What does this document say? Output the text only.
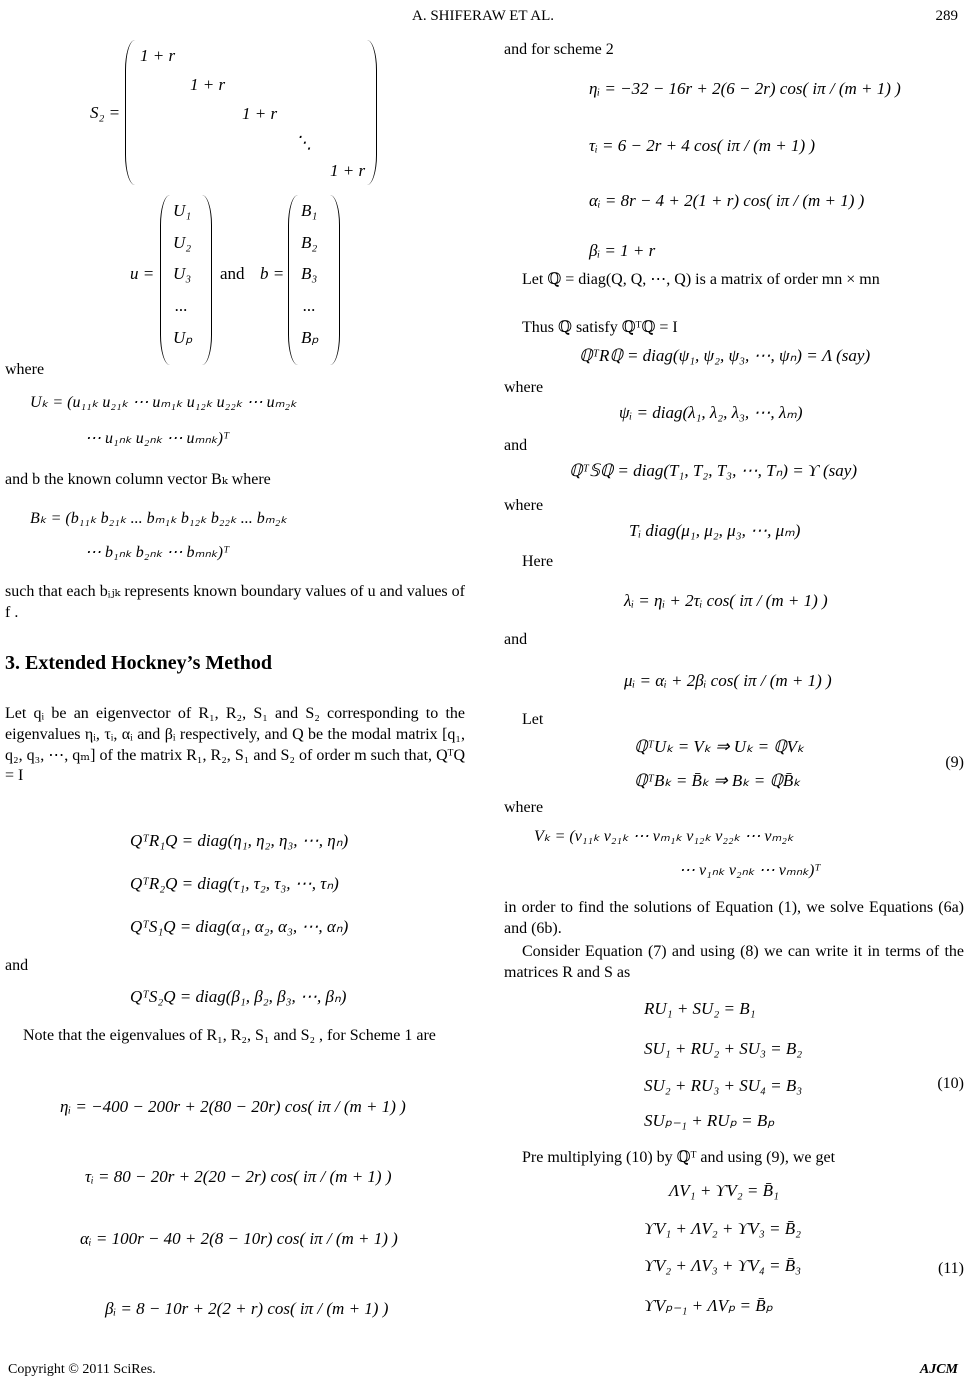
A. SHIFERAW ET AL.	289
S₂ =
1 + r
1 + r
1 + r
⋱
1 + r
u =
U₁
U₂
U₃
...
Uₚ
and b =
B₁
B₂
B₃
...
Bₚ
where
Uₖ = (u₁₁ₖ u₂₁ₖ ⋯ uₘ₁ₖ u₁₂ₖ u₂₂ₖ ⋯ uₘ₂ₖ
⋯ u₁ₙₖ u₂ₙₖ ⋯ uₘₙₖ)ᵀ
and b the known column vector Bₖ where
Bₖ = (b₁₁ₖ b₂₁ₖ ... bₘ₁ₖ b₁₂ₖ b₂₂ₖ ... bₘ₂ₖ
⋯ b₁ₙₖ b₂ₙₖ ⋯ bₘₙₖ)ᵀ
such that each bᵢⱼₖ represents known boundary values of u and values of f .
3. Extended Hockney’s Method
Let qᵢ be an eigenvector of R₁, R₂, S₁ and S₂ corresponding to the eigenvalues ηᵢ, τᵢ, αᵢ and βᵢ respectively, and Q be the modal matrix [q₁, q₂, q₃, ⋯, qₘ] of the matrix R₁, R₂, S₁ and S₂ of order m such that, QᵀQ = I
QᵀR₁Q = diag(η₁, η₂, η₃, ⋯, ηₙ)
QᵀR₂Q = diag(τ₁, τ₂, τ₃, ⋯, τₙ)
QᵀS₁Q = diag(α₁, α₂, α₃, ⋯, αₙ)
and
QᵀS₂Q = diag(β₁, β₂, β₃, ⋯, βₙ)
Note that the eigenvalues of R₁, R₂, S₁ and S₂ , for Scheme 1 are
ηᵢ = −400 − 200r + 2(80 − 20r) cos( iπ / (m + 1) )
τᵢ = 80 − 20r + 2(20 − 2r) cos( iπ / (m + 1) )
αᵢ = 100r − 40 + 2(8 − 10r) cos( iπ / (m + 1) )
βᵢ = 8 − 10r + 2(2 + r) cos( iπ / (m + 1) )
and for scheme 2
ηᵢ = −32 − 16r + 2(6 − 2r) cos( iπ / (m + 1) )
τᵢ = 6 − 2r + 4 cos( iπ / (m + 1) )
αᵢ = 8r − 4 + 2(1 + r) cos( iπ / (m + 1) )
βᵢ = 1 + r
Let ℚ = diag(Q, Q, ⋯, Q) is a matrix of order mn × mn
Thus ℚ satisfy ℚᵀℚ = I
ℚᵀRℚ = diag(ψ₁, ψ₂, ψ₃, ⋯, ψₙ) = Λ (say)
where
ψᵢ = diag(λ₁, λ₂, λ₃, ⋯, λₘ)
and
ℚᵀ𝕊ℚ = diag(T₁, T₂, T₃, ⋯, Tₙ) = ϒ (say)
where
Tᵢ diag(μ₁, μ₂, μ₃, ⋯, μₘ)
Here
λᵢ = ηᵢ + 2τᵢ cos( iπ / (m + 1) )
and
μᵢ = αᵢ + 2βᵢ cos( iπ / (m + 1) )
Let
ℚᵀUₖ = Vₖ ⇒ Uₖ = ℚVₖ
ℚᵀBₖ = B̄ₖ ⇒ Bₖ = ℚB̄ₖ
(9)
where
Vₖ = (v₁₁ₖ v₂₁ₖ ⋯ vₘ₁ₖ v₁₂ₖ v₂₂ₖ ⋯ vₘ₂ₖ
⋯ v₁ₙₖ v₂ₙₖ ⋯ vₘₙₖ)ᵀ
in order to find the solutions of Equation (1), we solve Equations (6a) and (6b).
Consider Equation (7) and using (8) we can write it in terms of the matrices R and S as
RU₁ + SU₂ = B₁
SU₁ + RU₂ + SU₃ = B₂
SU₂ + RU₃ + SU₄ = B₃
SUₚ₋₁ + RUₚ = Bₚ
(10)
Pre multiplying (10) by ℚᵀ and using (9), we get
ΛV₁ + ϒV₂ = B̄₁
ϒV₁ + ΛV₂ + ϒV₃ = B̄₂
ϒV₂ + ΛV₃ + ϒV₄ = B̄₃
ϒVₚ₋₁ + ΛVₚ = B̄ₚ
(11)
Copyright © 2011 SciRes.	AJCM
